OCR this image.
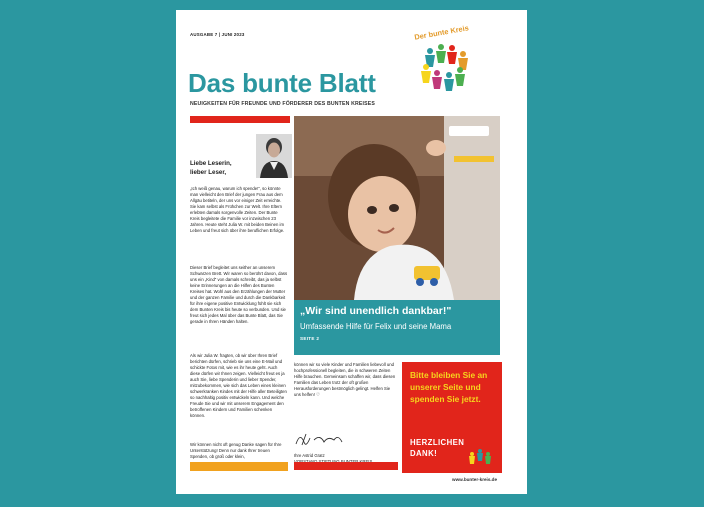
AUSGABE 7 | JUNI 2023	Der bunte Kreis
Das bunte Blatt
NEUIGKEITEN FÜR FREUNDE UND FÖRDERER DES BUNTEN KREISES
Liebe Leserin,
lieber Leser,
„Ich weiß genau, warum ich spende!", so könnte man vielleicht den Brief der jungen Frau aus dem Allgäu betiteln, der uns vor einiger Zeit erreichte. Sie kam selbst als Frühchen zur Welt. Ihre Eltern erlebten damals sorgenvolle Zeiten. Der Bunte Kreis begleitete die Familie vor inzwischen 23 Jahren. Heute steht Julia W. mit beiden Beinen im Leben und freut sich über ihre beruflichen Erfolge.
Dieser Brief begleitet uns seither an unserem Schwarzen Brett. Wir waren so berührt davon, dass uns ein „Kind" von damals schreibt, das ja selbst keine Erinnerungen an die Hilfen des Bunten Kreises hat. Wohl aus den Erzählungen der Mutter und der ganzen Familie und durch die Dankbarkeit für ihre eigene positive Entwicklung fühlt sie sich dem Bunten Kreis bis heute so verbunden. Und sie freut sich jedes Mal über das Bunte Blatt, das Sie gerade in Ihren Händen halten.
Als wir Julia W. fragten, ob wir über Ihren Brief berichten dürfen, schrieb sie uns eine E-Mail und schickte Fotos mit, wie es ihr heute geht. Auch diese dürfen wir Ihnen zeigen. Vielleicht freut es ja auch Sie, liebe Spenderin und lieber Spender, mitzubekommen, wie sich das Leben eines kleinen schwerkranken Kindes mit der Hilfe aller Beteiligten so nachhaltig positiv entwickeln kann. Und welche Freude Sie und wir mit unserem Engagement den betroffenen Kindern und Familien schenken können.
Wir können nicht oft genug Danke sagen für Ihre Unterstützung! Denn nur dank Ihrer treuen Spenden, ob groß oder klein,
„Wir sind unendlich dankbar!"
Umfassende Hilfe für Felix und seine Mama
SEITE 2
können wir so viele Kinder und Familien liebevoll und hochprofessionell begleiten, die in schweren Zeiten Hilfe brauchen. Gemeinsam schaffen wir, dass diesen Familien das Leben trotz der oft großen Herausforderungen bestmöglich gelingt. Helfen Sie uns helfen! ♡
Ihre Astrid Gratz

Bitte bleiben Sie an unserer Seite und spenden Sie jetzt.
HERZLICHEN
DANK!
www.bunter-kreis.de
